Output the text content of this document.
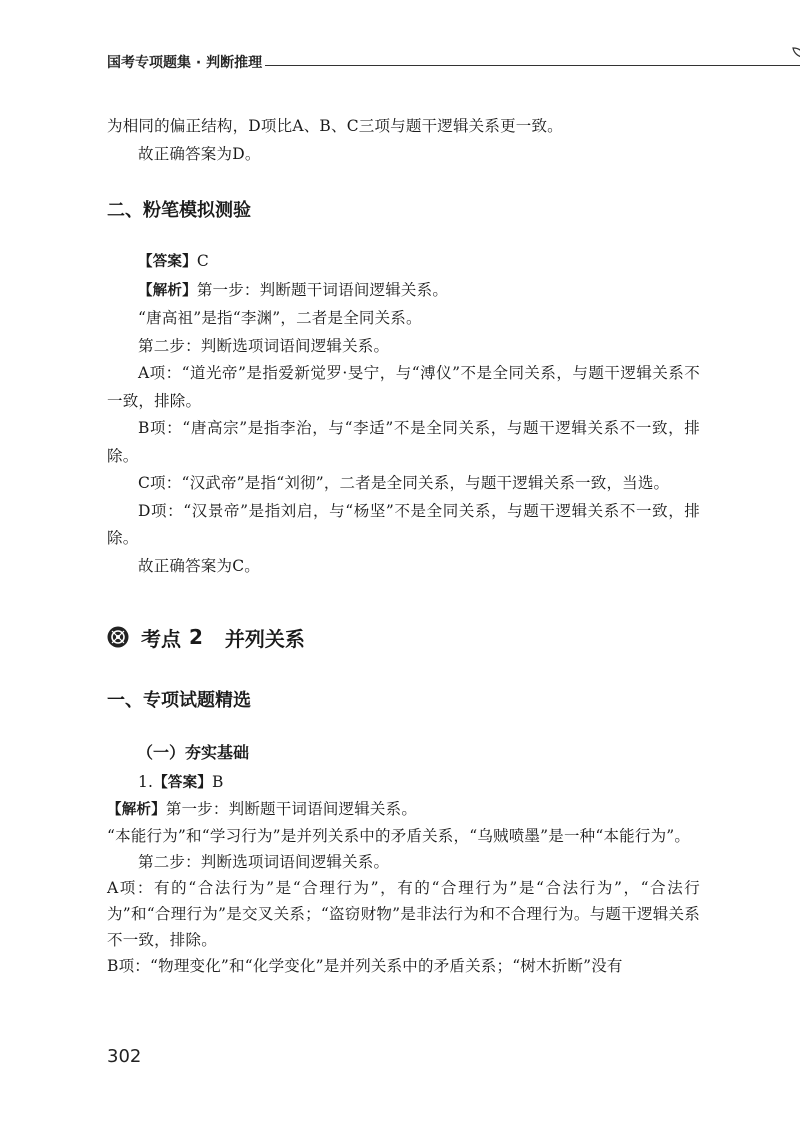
国考专项题集 · 判断推理

为相同的偏正结构，D项比A、B、C三项与题干逻辑关系更一致。

故正确答案为D。

二、粉笔模拟测验

【答案】C

【解析】第一步：判断题干词语间逻辑关系。

“唐高祖”是指“李渊”，二者是全同关系。

第二步：判断选项词语间逻辑关系。

A项：“道光帝”是指爱新觉罗·旻宁，与“溥仪”不是全同关系，与题干逻辑关系不一致，排除。

B项：“唐高宗”是指李治，与“李适”不是全同关系，与题干逻辑关系不一致，排除。

C项：“汉武帝”是指“刘彻”，二者是全同关系，与题干逻辑关系一致，当选。

D项：“汉景帝”是指刘启，与“杨坚”不是全同关系，与题干逻辑关系不一致，排除。

故正确答案为C。

考点 2 并列关系
一、专项试题精选
（一）夯实基础

1.【答案】B

【解析】第一步：判断题干词语间逻辑关系。

“本能行为”和“学习行为”是并列关系中的矛盾关系，“乌贼喷墨”是一种“本能行为”。

第二步：判断选项词语间逻辑关系。

A项：有的“合法行为”是“合理行为”，有的“合理行为”是“合法行为”，“合法行为”和“合理行为”是交叉关系；“盗窃财物”是非法行为和不合理行为。与题干逻辑关系不一致，排除。

B项：“物理变化”和“化学变化”是并列关系中的矛盾关系；“树木折断”没有

302
